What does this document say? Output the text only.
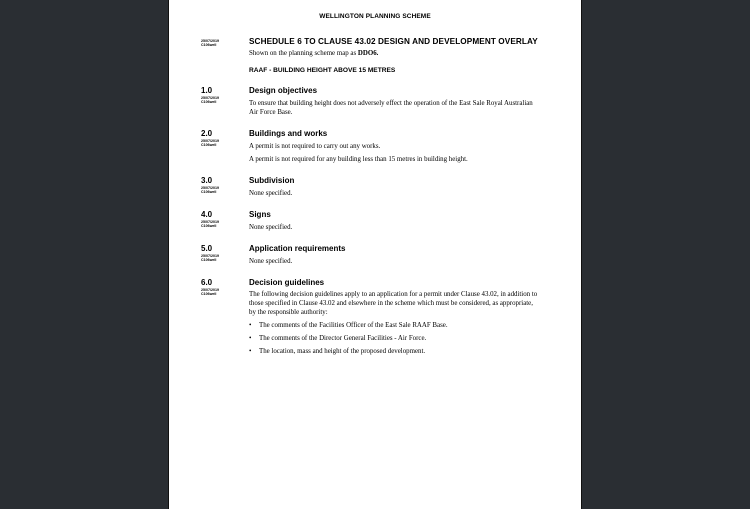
WELLINGTON PLANNING SCHEME
25/07/2019
C106well	SCHEDULE 6 TO CLAUSE 43.02 DESIGN AND DEVELOPMENT OVERLAY
Shown on the planning scheme map as DDO6.
RAAF - BUILDING HEIGHT ABOVE 15 METRES
1.0
25/07/2019
C106well
Design objectives
To ensure that building height does not adversely effect the operation of the East Sale Royal Australian Air Force Base.
2.0
25/07/2019
C106well
Buildings and works
A permit is not required to carry out any works.
A permit is not required for any building less than 15 metres in building height.
3.0
25/07/2019
C106well
Subdivision
None specified.
4.0
25/07/2019
C106well
Signs
None specified.
5.0
25/07/2019
C106well
Application requirements
None specified.
6.0
25/07/2019
C106well
Decision guidelines
The following decision guidelines apply to an application for a permit under Clause 43.02, in addition to those specified in Clause 43.02 and elsewhere in the scheme which must be considered, as appropriate, by the responsible authority:
•	The comments of the Facilities Officer of the East Sale RAAF Base.
•	The comments of the Director General Facilities - Air Force.
•	The location, mass and height of the proposed development.
